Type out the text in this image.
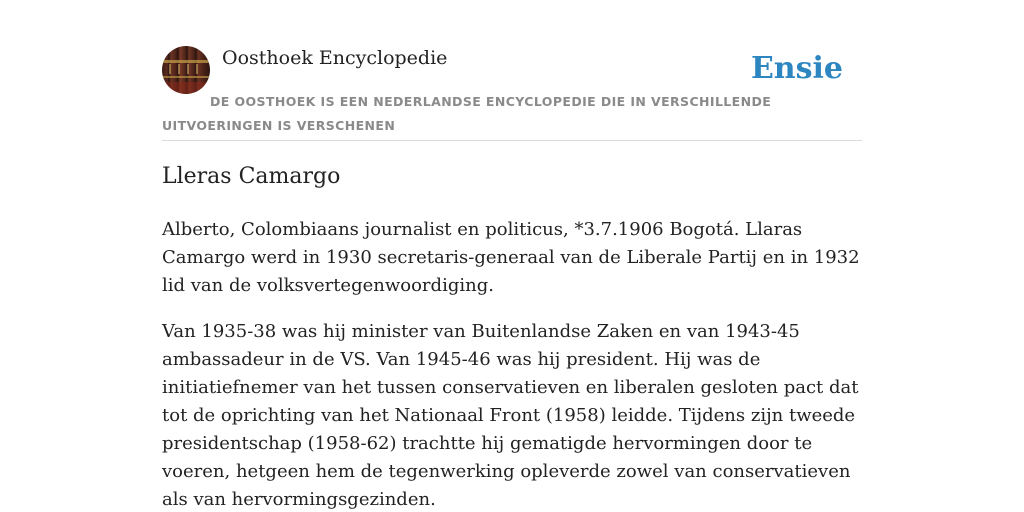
Oosthoek Encyclopedie	Ensie
DE OOSTHOEK IS EEN NEDERLANDSE ENCYCLOPEDIE DIE IN VERSCHILLENDE UITVOERINGEN IS VERSCHENEN
Lleras Camargo

Alberto, Colombiaans journalist en politicus, *3.7.1906 Bogotá. Llaras Camargo werd in 1930 secretaris-generaal van de Liberale Partij en in 1932 lid van de volksvertegenwoordiging.

Van 1935-38 was hij minister van Buitenlandse Zaken en van 1943-45 ambassadeur in de VS. Van 1945-46 was hij president. Hij was de initiatiefnemer van het tussen conservatieven en liberalen gesloten pact dat tot de oprichting van het Nationaal Front (1958) leidde. Tijdens zijn tweede presidentschap (1958-62) trachtte hij gematigde hervormingen door te voeren, hetgeen hem de tegenwerking opleverde zowel van conservatieven als van hervormingsgezinden.
